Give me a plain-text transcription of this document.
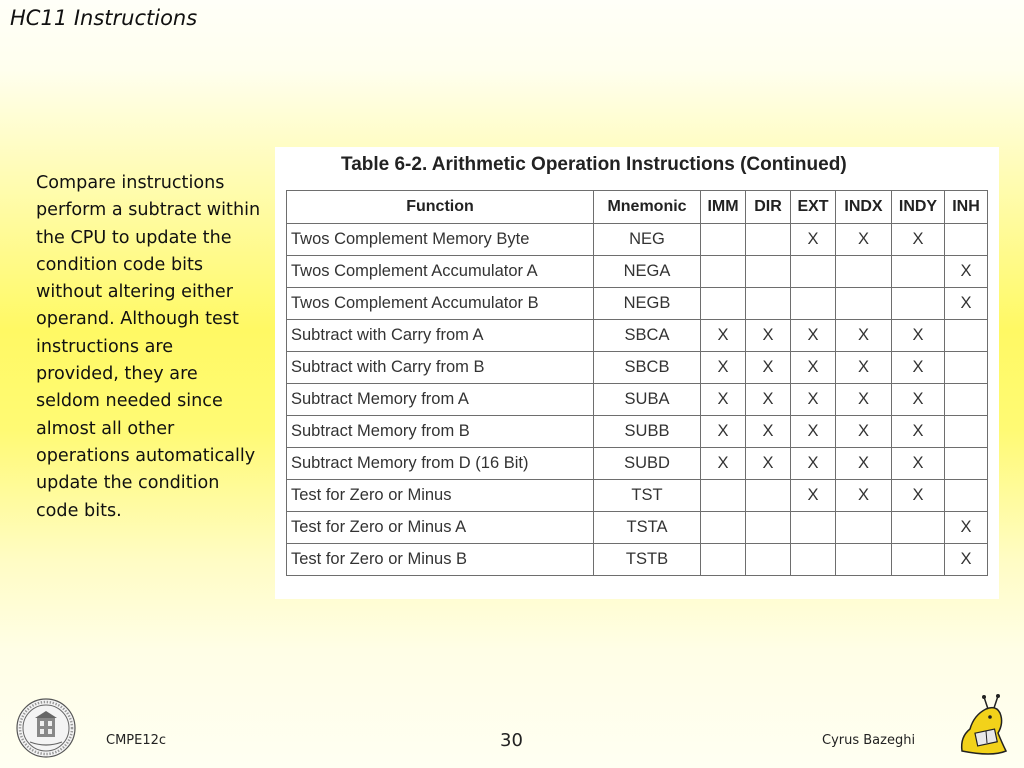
HC11 Instructions

Compare instructions perform a subtract within the CPU to update the condition code bits without altering either operand. Although test instructions are provided, they are seldom needed since almost all other operations automatically update the condition code bits.

Table 6-2. Arithmetic Operation Instructions (Continued)

Function	Mnemonic	IMM	DIR	EXT	INDX	INDY	INH
Twos Complement Memory Byte	NEG			X	X	X	
Twos Complement Accumulator A	NEGA						X
Twos Complement Accumulator B	NEGB						X
Subtract with Carry from A	SBCA	X	X	X	X	X	
Subtract with Carry from B	SBCB	X	X	X	X	X	
Subtract Memory from A	SUBA	X	X	X	X	X	
Subtract Memory from B	SUBB	X	X	X	X	X	
Subtract Memory from D (16 Bit)	SUBD	X	X	X	X	X	
Test for Zero or Minus	TST			X	X	X	
Test for Zero or Minus A	TSTA						X
Test for Zero or Minus B	TSTB						X
CMPE12c	30	Cyrus Bazeghi
